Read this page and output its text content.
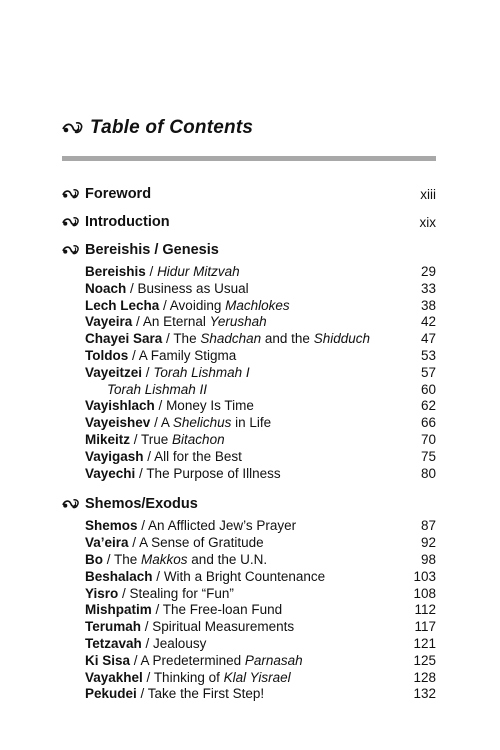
Table of Contents
Foreword	xiii
Introduction	xix
Bereishis / Genesis
Bereishis / Hidur Mitzvah	29
Noach / Business as Usual	33
Lech Lecha / Avoiding Machlokes	38
Vayeira / An Eternal Yerushah	42
Chayei Sara / The Shadchan and the Shidduch	47
Toldos / A Family Stigma	53
Vayeitzei / Torah Lishmah I	57
Torah Lishmah II	60
Vayishlach / Money Is Time	62
Vayeishev / A Shelichus in Life	66
Mikeitz / True Bitachon	70
Vayigash / All for the Best	75
Vayechi / The Purpose of Illness	80
Shemos/Exodus
Shemos / An Afflicted Jew’s Prayer	87
Va’eira / A Sense of Gratitude	92
Bo / The Makkos and the U.N.	98
Beshalach / With a Bright Countenance	103
Yisro / Stealing for “Fun”	108
Mishpatim / The Free-loan Fund	112
Terumah / Spiritual Measurements	117
Tetzavah / Jealousy	121
Ki Sisa / A Predetermined Parnasah	125
Vayakhel / Thinking of Klal Yisrael	128
Pekudei / Take the First Step!	132
